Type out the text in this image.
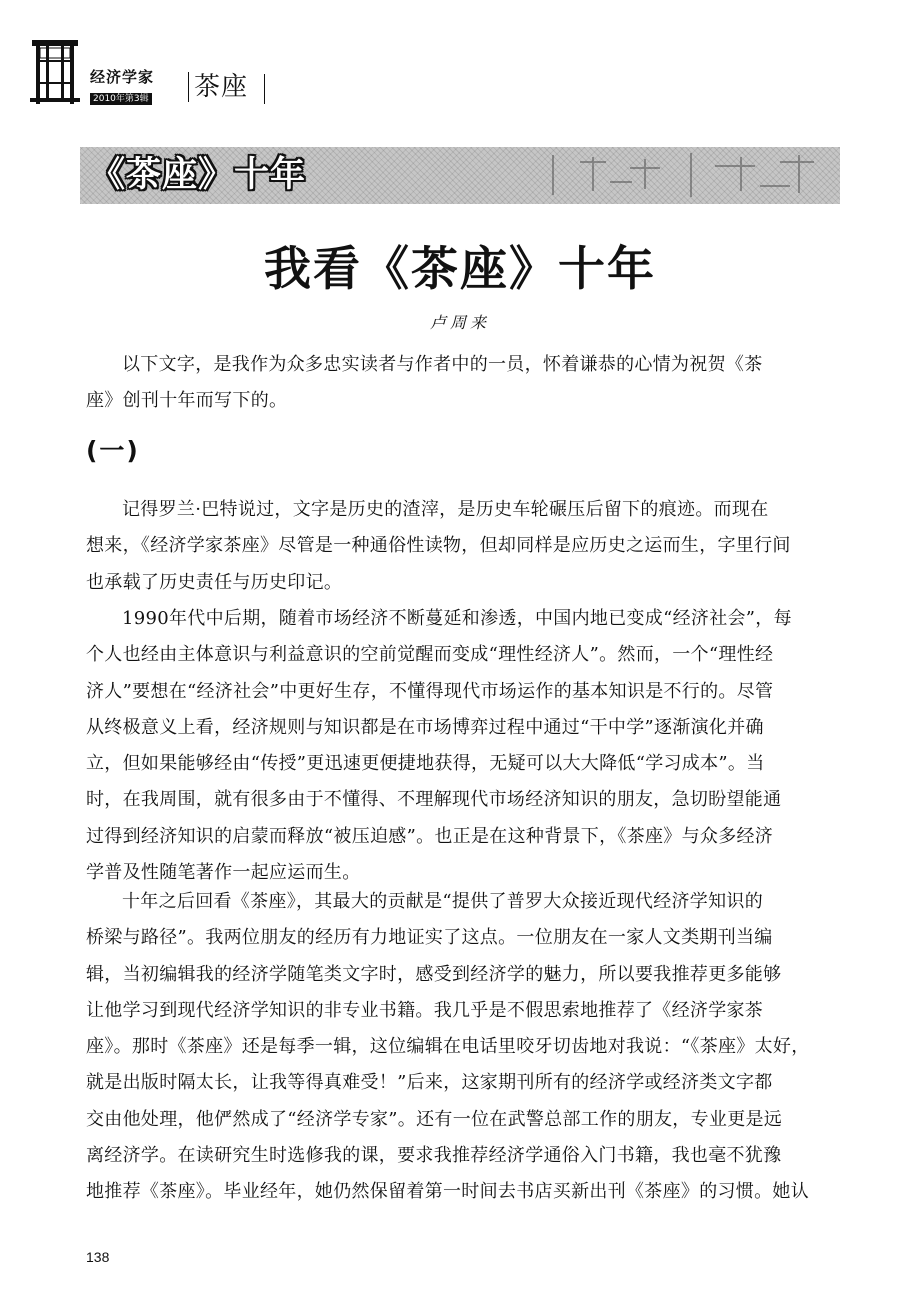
经济学家
2010年第3辑 茶座
《茶座》十年
我看《茶座》十年
卢周来
以下文字，是我作为众多忠实读者与作者中的一员，怀着谦恭的心情为祝贺《茶
座》创刊十年而写下的。
(一)
记得罗兰·巴特说过，文字是历史的渣滓，是历史车轮碾压后留下的痕迹。而现在
想来，《经济学家茶座》尽管是一种通俗性读物，但却同样是应历史之运而生，字里行间
也承载了历史责任与历史印记。
1990年代中后期，随着市场经济不断蔓延和渗透，中国内地已变成“经济社会”，每
个人也经由主体意识与利益意识的空前觉醒而变成“理性经济人”。然而，一个“理性经
济人”要想在“经济社会”中更好生存，不懂得现代市场运作的基本知识是不行的。尽管
从终极意义上看，经济规则与知识都是在市场博弈过程中通过“干中学”逐渐演化并确
立，但如果能够经由“传授”更迅速更便捷地获得，无疑可以大大降低“学习成本”。当
时，在我周围，就有很多由于不懂得、不理解现代市场经济知识的朋友，急切盼望能通
过得到经济知识的启蒙而释放“被压迫感”。也正是在这种背景下，《茶座》与众多经济
学普及性随笔著作一起应运而生。
十年之后回看《茶座》，其最大的贡献是“提供了普罗大众接近现代经济学知识的
桥梁与路径”。我两位朋友的经历有力地证实了这点。一位朋友在一家人文类期刊当编
辑，当初编辑我的经济学随笔类文字时，感受到经济学的魅力，所以要我推荐更多能够
让他学习到现代经济学知识的非专业书籍。我几乎是不假思索地推荐了《经济学家茶
座》。那时《茶座》还是每季一辑，这位编辑在电话里咬牙切齿地对我说：“《茶座》太好，
就是出版时隔太长，让我等得真难受！”后来，这家期刊所有的经济学或经济类文字都
交由他处理，他俨然成了“经济学专家”。还有一位在武警总部工作的朋友，专业更是远
离经济学。在读研究生时选修我的课，要求我推荐经济学通俗入门书籍，我也毫不犹豫
地推荐《茶座》。毕业经年，她仍然保留着第一时间去书店买新出刊《茶座》的习惯。她认
138
